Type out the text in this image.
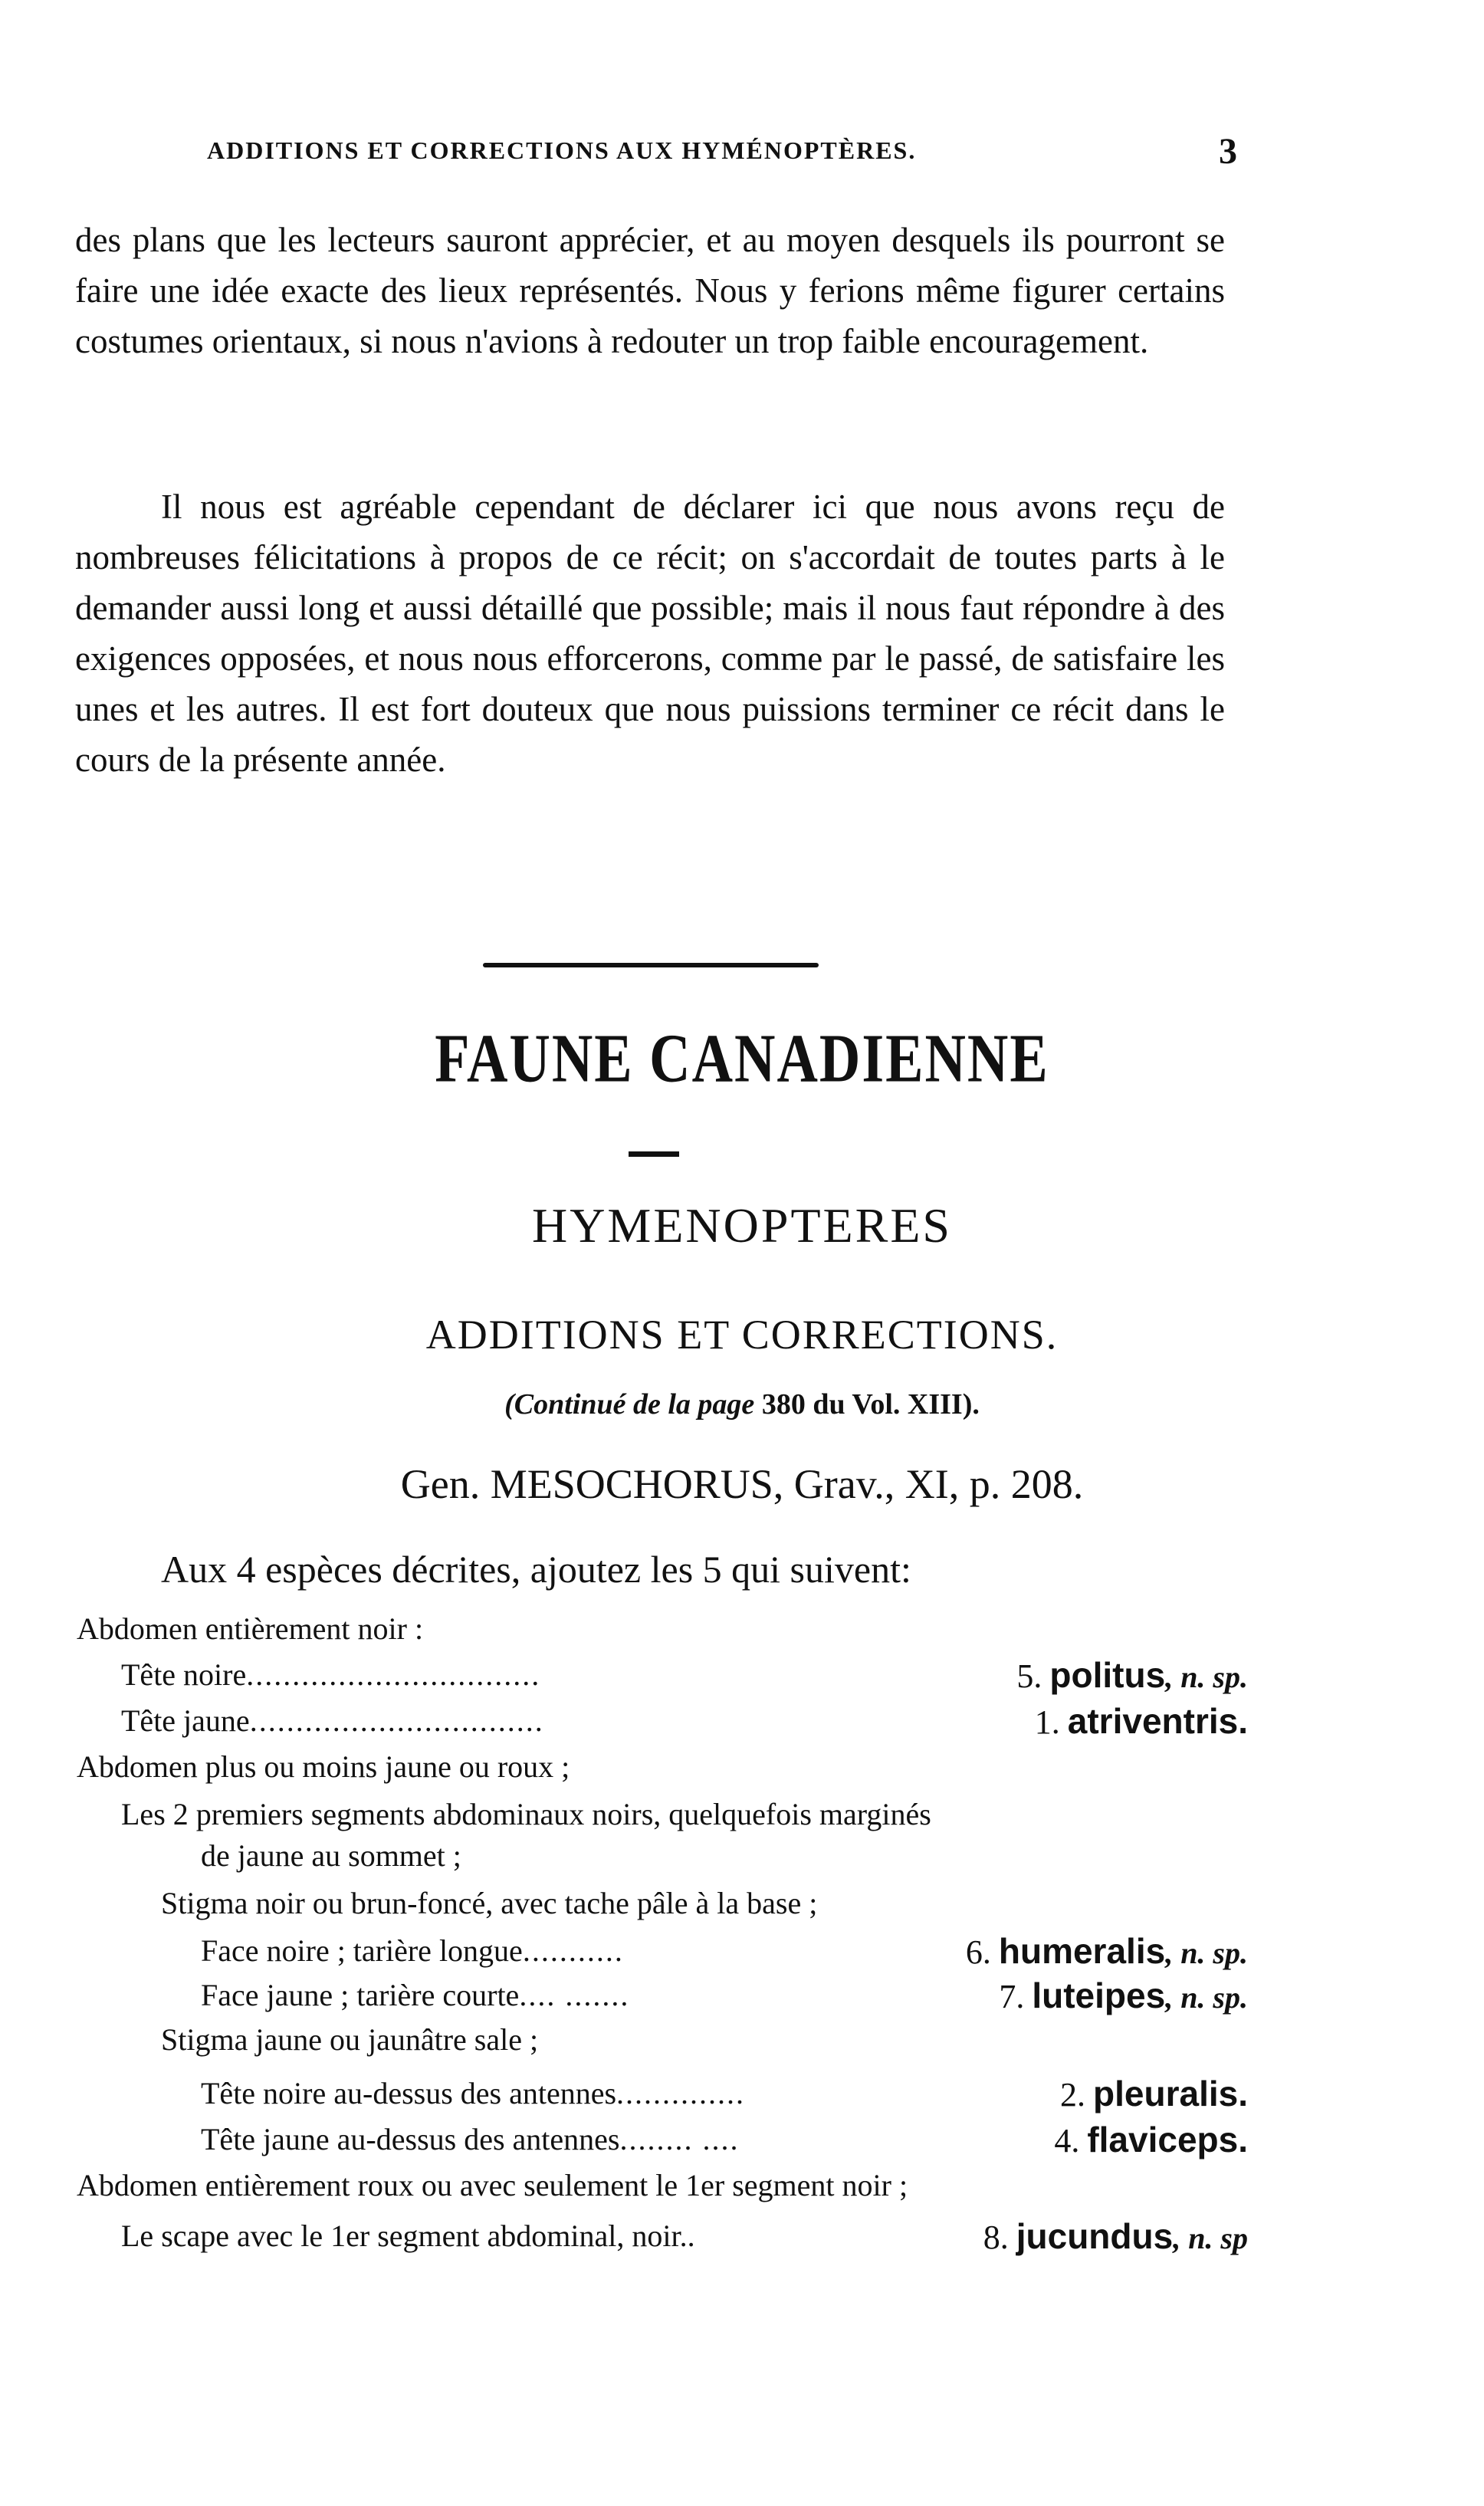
ADDITIONS ET CORRECTIONS AUX HYMÉNOPTÈRES.	3
des plans que les lecteurs sauront apprécier, et au moyen desquels ils pourront se faire une idée exacte des lieux représentés. Nous y ferions même figurer certains costumes orientaux, si nous n'avions à redouter un trop faible encouragement.
Il nous est agréable cependant de déclarer ici que nous avons reçu de nombreuses félicitations à propos de ce récit; on s'accordait de toutes parts à le demander aussi long et aussi détaillé que possible; mais il nous faut répondre à des exigences opposées, et nous nous efforcerons, comme par le passé, de satisfaire les unes et les autres. Il est fort douteux que nous puissions terminer ce récit dans le cours de la présente année.
FAUNE CANADIENNE
HYMENOPTERES
ADDITIONS ET CORRECTIONS.
(Continué de la page 380 du Vol. XIII).
Gen. MESOCHORUS, Grav., XI, p. 208.
Aux 4 espèces décrites, ajoutez les 5 qui suivent:
Abdomen entièrement noir :
Tête noire................................	5. politus, n. sp.
Tête jaune................................	1. atriventris.
Abdomen plus ou moins jaune ou roux ;
Les 2 premiers segments abdominaux noirs, quelquefois marginés
de jaune au sommet ;
Stigma noir ou brun-foncé, avec tache pâle à la base ;
Face noire ; tarière longue...........	6. humeralis, n. sp.
Face jaune ; tarière courte.... .......	7. luteipes, n. sp.
Stigma jaune ou jaunâtre sale ;
Tête noire au-dessus des antennes..............	2. pleuralis.
Tête jaune au-dessus des antennes........ ....	4. flaviceps.
Abdomen entièrement roux ou avec seulement le 1er segment noir ;
Le scape avec le 1er segment abdominal, noir..	8. jucundus, n. sp
